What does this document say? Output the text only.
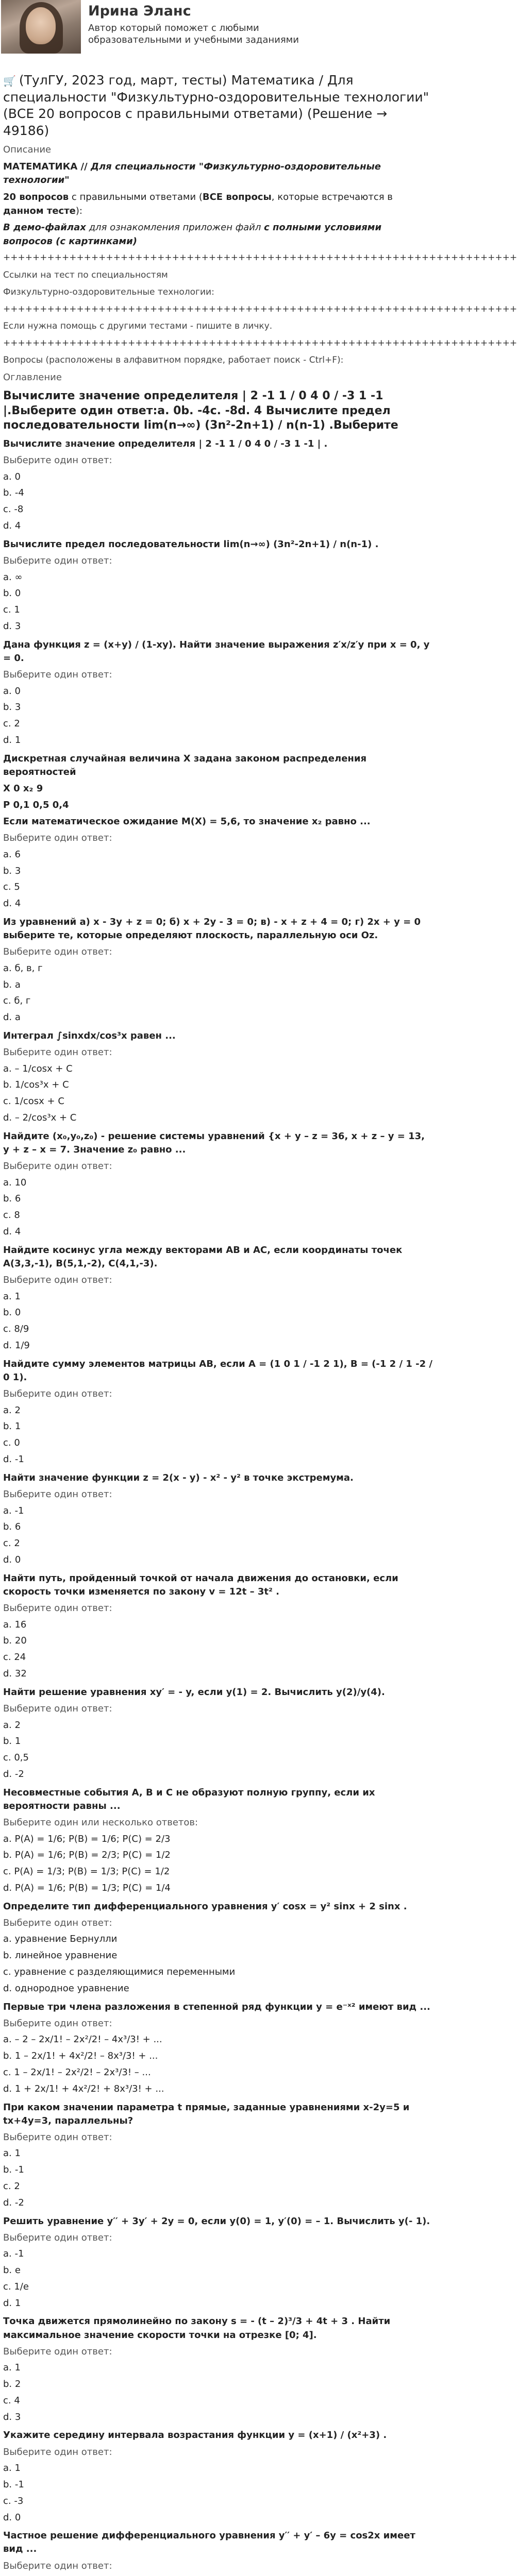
Ирина Эланс
Автор который поможет с любыми образовательными и учебными заданиями
🛒 (ТулГУ, 2023 год, март, тесты) Математика / Для специальности "Физкультурно-оздоровительные технологии" (ВСЕ 20 вопросов с правильными ответами) (Решение → 49186)
Описание
МАТЕМАТИКА // Для специальности "Физкультурно-оздоровительные технологии"
20 вопросов с правильными ответами (ВСЕ вопросы, которые встречаются в данном тесте):
В демо-файлах для ознакомления приложен файл с полными условиями вопросов (с картинками)
++++++++++++++++++++++++++++++++++++++++++++++++++++++++++++++++++++++
Ссылки на тест по специальностям
Физкультурно-оздоровительные технологии:
++++++++++++++++++++++++++++++++++++++++++++++++++++++++++++++++++++++
Если нужна помощь с другими тестами - пишите в личку.
++++++++++++++++++++++++++++++++++++++++++++++++++++++++++++++++++++++
Вопросы (расположены в алфавитном порядке, работает поиск - Ctrl+F):
Оглавление
Вычислите значение определителя | 2 -1 1 / 0 4 0 / -3 1 -1 |.Выберите один ответ:a. 0b. -4c. -8d. 4 Вычислите предел последовательности lim(n→∞) (3n²-2n+1) / n(n-1) .Выберите
Вычислите значение определителя | 2 -1 1 / 0 4 0 / -3 1 -1 | .
Выберите один ответ:
a. 0
b. -4
c. -8
d. 4
Вычислите предел последовательности lim(n→∞) (3n²-2n+1) / n(n-1) .
Выберите один ответ:
a. ∞
b. 0
c. 1
d. 3
Дана функция z = (x+y) / (1-xy). Найти значение выражения z′x/z′y при x = 0, y = 0.
Выберите один ответ:
a. 0
b. 3
c. 2
d. 1
Дискретная случайная величина X задана законом распределения вероятностей
X 0 x₂ 9
P 0,1 0,5 0,4
Если математическое ожидание M(X) = 5,6, то значение x₂ равно ...
Выберите один ответ:
a. 6
b. 3
c. 5
d. 4
Из уравнений a) x - 3y + z = 0; б) x + 2y - 3 = 0; в) - x + z + 4 = 0; г) 2x + y = 0 выберите те, которые определяют плоскость, параллельную оси Oz.
Выберите один ответ:
a. б, в, г
b. a
c. б, г
d. a
Интеграл ∫sinxdx/cos³x равен ...
Выберите один ответ:
a. – 1/cosx + C
b. 1/cos³x + C
c. 1/cosx + C
d. – 2/cos³x + C
Найдите (x₀,y₀,z₀) - решение системы уравнений {x + y – z = 36, x + z – y = 13, y + z – x = 7. Значение z₀ равно ...
Выберите один ответ:
a. 10
b. 6
c. 8
d. 4
Найдите косинус угла между векторами AB и AC, если координаты точек A(3,3,-1), B(5,1,-2), C(4,1,-3).
Выберите один ответ:
a. 1
b. 0
c. 8/9
d. 1/9
Найдите сумму элементов матрицы AB, если A = (1 0 1 / -1 2 1), B = (-1 2 / 1 -2 / 0 1).
Выберите один ответ:
a. 2
b. 1
c. 0
d. -1
Найти значение функции z = 2(x - y) - x² - y² в точке экстремума.
Выберите один ответ:
a. -1
b. 6
c. 2
d. 0
Найти путь, пройденный точкой от начала движения до остановки, если скорость точки изменяется по закону v = 12t – 3t² .
Выберите один ответ:
a. 16
b. 20
c. 24
d. 32
Найти решение уравнения xy′ = - y, если y(1) = 2. Вычислить y(2)/y(4).
Выберите один ответ:
a. 2
b. 1
c. 0,5
d. -2
Несовместные события A, B и C не образуют полную группу, если их вероятности равны ...
Выберите один или несколько ответов:
a. P(A) = 1/6; P(B) = 1/6; P(C) = 2/3
b. P(A) = 1/6; P(B) = 2/3; P(C) = 1/2
c. P(A) = 1/3; P(B) = 1/3; P(C) = 1/2
d. P(A) = 1/6; P(B) = 1/3; P(C) = 1/4
Определите тип дифференциального уравнения y′ cosx = y² sinx + 2 sinx .
Выберите один ответ:
a. уравнение Бернулли
b. линейное уравнение
c. уравнение с разделяющимися переменными
d. однородное уравнение
Первые три члена разложения в степенной ряд функции y = e⁻ˣ² имеют вид ...
Выберите один ответ:
a. – 2 – 2x/1! – 2x²/2! – 4x³/3! + ...
b. 1 – 2x/1! + 4x²/2! – 8x³/3! + ...
c. 1 – 2x/1! – 2x²/2! – 2x³/3! – ...
d. 1 + 2x/1! + 4x²/2! + 8x³/3! + ...
При каком значении параметра t прямые, заданные уравнениями x-2y=5 и tx+4y=3, параллельны?
Выберите один ответ:
a. 1
b. -1
c. 2
d. -2
Решить уравнение y′′ + 3y′ + 2y = 0, если y(0) = 1, y′(0) = – 1. Вычислить y(- 1).
Выберите один ответ:
a. -1
b. e
c. 1/e
d. 1
Точка движется прямолинейно по закону s = - (t – 2)³/3 + 4t + 3 . Найти максимальное значение скорости точки на отрезке [0; 4].
Выберите один ответ:
a. 1
b. 2
c. 4
d. 3
Укажите середину интервала возрастания функции y = (x+1) / (x²+3) .
Выберите один ответ:
a. 1
b. -1
c. -3
d. 0
Частное решение дифференциального уравнения y′′ + y′ – 6y = cos2x имеет вид ...
Выберите один ответ:
